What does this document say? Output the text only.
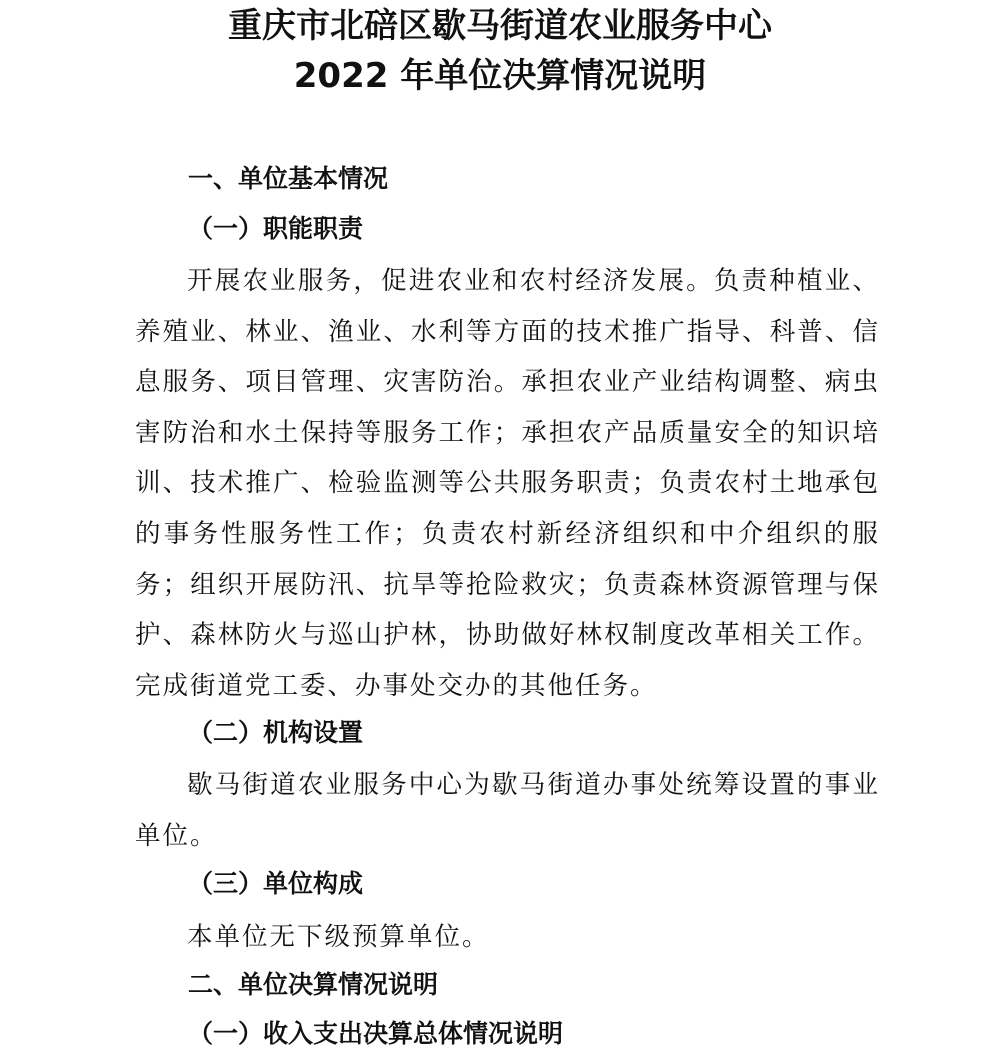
重庆市北碚区歇马街道农业服务中心
2022 年单位决算情况说明
一、单位基本情况
（一）职能职责

开展农业服务，促进农业和农村经济发展。负责种植业、养殖业、林业、渔业、水利等方面的技术推广指导、科普、信息服务、项目管理、灾害防治。承担农业产业结构调整、病虫害防治和水土保持等服务工作；承担农产品质量安全的知识培训、技术推广、检验监测等公共服务职责；负责农村土地承包的事务性服务性工作；负责农村新经济组织和中介组织的服务；组织开展防汛、抗旱等抢险救灾；负责森林资源管理与保护、森林防火与巡山护林，协助做好林权制度改革相关工作。完成街道党工委、办事处交办的其他任务。

（二）机构设置

歇马街道农业服务中心为歇马街道办事处统筹设置的事业单位。

（三）单位构成

本单位无下级预算单位。

二、单位决算情况说明
（一）收入支出决算总体情况说明
